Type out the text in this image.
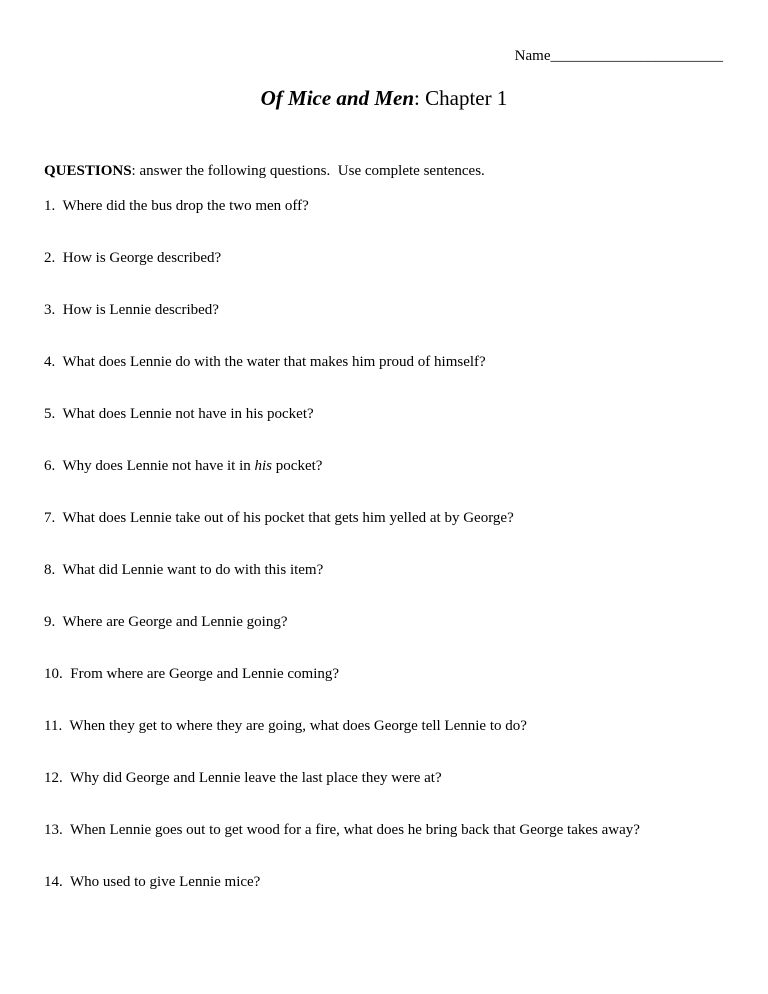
Name_______________________
Of Mice and Men: Chapter 1

QUESTIONS: answer the following questions.  Use complete sentences.

1.  Where did the bus drop the two men off?
2.  How is George described?
3.  How is Lennie described?
4.  What does Lennie do with the water that makes him proud of himself?
5.  What does Lennie not have in his pocket?
6.  Why does Lennie not have it in his pocket?
7.  What does Lennie take out of his pocket that gets him yelled at by George?
8.  What did Lennie want to do with this item?
9.  Where are George and Lennie going?
10.  From where are George and Lennie coming?
11.  When they get to where they are going, what does George tell Lennie to do?
12.  Why did George and Lennie leave the last place they were at?
13.  When Lennie goes out to get wood for a fire, what does he bring back that George takes away?
14.  Who used to give Lennie mice?
